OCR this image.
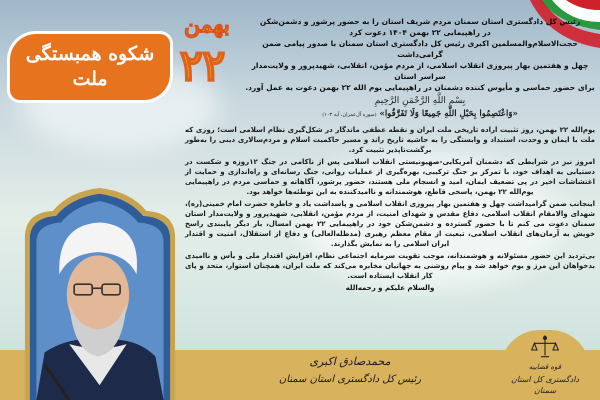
شکوه همبستگی ملت
بهمن
۲۲
رئیس کل دادگستری استان سمنان مردم شریف استان را به حضور پرشور و دشمن‌شکن
در راهپیمایی ۲۲ بهمن ۱۴۰۴ دعوت کرد
حجت‌الاسلام‌والمسلمین اکبری رئیس کل دادگستری استان سمنان با صدور پیامی ضمن گرامی‌داشت
چهل و هفتمین بهار پیروزی انقلاب اسلامی، از مردم مؤمن، انقلابی، شهیدپرور و ولایت‌مدار سراسر استان
برای حضور حماسی و مأیوس کننده دشمنان در راهپیمایی یوم الله ۲۲ بهمن دعوت به عمل آورد.
بِسْمِ اللَّهِ الرَّحْمَنِ الرَّحِيمِ
«وَاعْتَصِمُوا بِحَبْلِ اللَّهِ جَمِيعًا وَلَا تَفَرَّقُوا» (سوره آل‌عمران، آیه ۱۰۳)

یوم‌الله ۲۲ بهمن، روز تثبیت اراده تاریخی ملت ایران و نقطه عطفی ماندگار در شکل‌گیری نظام اسلامی است؛ روزی که ملت با ایمان و وحدت، استبداد و وابستگی را به حاشیه تاریخ راند و مسیر حاکمیت اسلام و مردم‌سالاری دینی را به‌طور برگشت‌ناپذیر تثبیت کرد.

امروز نیز در شرایطی که دشمنان آمریکایی-صهیونیستی انقلاب اسلامی پس از ناکامی در جنگ ۱۲روزه و شکست در دستیابی به اهداف خود، با تمرکز بر جنگ ترکیبی، بهره‌گیری از عملیات روانی، جنگ رسانه‌ای و راه‌اندازی و حمایت از اغتشاشات اخیر در پی تضعیف ایمان، امید و انسجام ملی هستند، حضور پرشور، آگاهانه و حماسی مردم در راهپیمایی یوم‌الله ۲۲ بهمن، پاسخی قاطع، هوشمندانه و ناامیدکننده به این توطئه‌ها خواهد بود.

اینجانب ضمن گرامیداشت چهل و هفتمین بهار پیروزی انقلاب اسلامی و پاسداشت یاد و خاطره حضرت امام خمینی(ره)، شهدای والامقام انقلاب اسلامی، دفاع مقدس و شهدای امنیت، از مردم مؤمن، انقلابی، شهیدپرور و ولایت‌مدار استان سمنان دعوت می کنم تا با حضور گسترده و دشمن‌شکن خود در راهپیمایی ۲۲ بهمن امسال، بار دیگر پایبندی راسخ خویش به آرمان‌های انقلاب اسلامی، تبعیت از مقام معظم رهبری (مدظله‌العالی) و دفاع از استقلال، امنیت و اقتدار ایران اسلامی را به نمایش بگذارند.

بی‌تردید این حضور مسئولانه و هوشمندانه، موجب تقویت سرمایه اجتماعی نظام، افزایش اقتدار ملی و یأس و ناامیدی بدخواهان این مرز و بوم خواهد شد و پیام روشنی به جهانیان مخابره می‌کند که ملت ایران، همچنان استوار، متحد و پای کار انقلاب ایستاده است.

والسلام علیکم و رحمه‌الله
محمدصادق اکبری
رئیس کل دادگستری استان سمنان
قوه قضاییه
دادگستری کل استان سمنان
